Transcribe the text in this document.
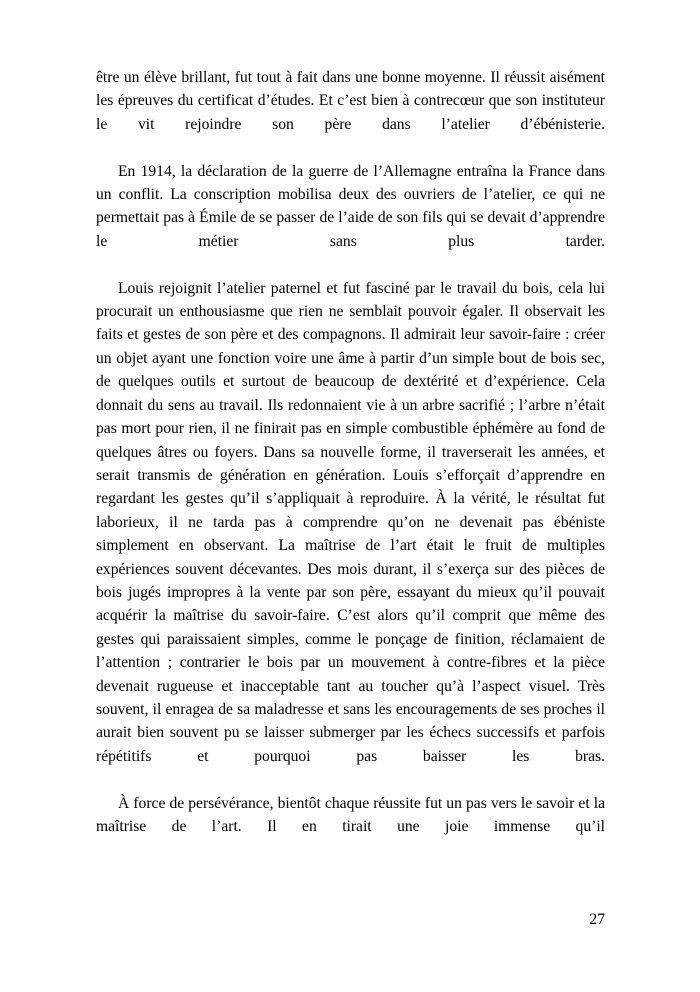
être un élève brillant, fut tout à fait dans une bonne moyenne. Il réussit aisément les épreuves du certificat d’études. Et c’est bien à contrecœur que son instituteur le vit rejoindre son père dans l’atelier d’ébénisterie.

En 1914, la déclaration de la guerre de l’Allemagne entraîna la France dans un conflit. La conscription mobilisa deux des ouvriers de l’atelier, ce qui ne permettait pas à Émile de se passer de l’aide de son fils qui se devait d’apprendre le métier sans plus tarder.

Louis rejoignit l’atelier paternel et fut fasciné par le travail du bois, cela lui procurait un enthousiasme que rien ne semblait pouvoir égaler. Il observait les faits et gestes de son père et des compagnons. Il admirait leur savoir-faire : créer un objet ayant une fonction voire une âme à partir d’un simple bout de bois sec, de quelques outils et surtout de beaucoup de dextérité et d’expérience. Cela donnait du sens au travail. Ils redonnaient vie à un arbre sacrifié ; l’arbre n’était pas mort pour rien, il ne finirait pas en simple combustible éphémère au fond de quelques âtres ou foyers. Dans sa nouvelle forme, il traverserait les années, et serait transmis de génération en génération. Louis s’efforçait d’apprendre en regardant les gestes qu’il s’appliquait à reproduire. À la vérité, le résultat fut laborieux, il ne tarda pas à comprendre qu’on ne devenait pas ébéniste simplement en observant. La maîtrise de l’art était le fruit de multiples expériences souvent décevantes. Des mois durant, il s’exerça sur des pièces de bois jugés impropres à la vente par son père, essayant du mieux qu’il pouvait acquérir la maîtrise du savoir-faire. C’est alors qu’il comprit que même des gestes qui paraissaient simples, comme le ponçage de finition, réclamaient de l’attention ; contrarier le bois par un mouvement à contre-fibres et la pièce devenait rugueuse et inacceptable tant au toucher qu’à l’aspect visuel. Très souvent, il enragea de sa maladresse et sans les encouragements de ses proches il aurait bien souvent pu se laisser submerger par les échecs successifs et parfois répétitifs et pourquoi pas baisser les bras.

À force de persévérance, bientôt chaque réussite fut un pas vers le savoir et la maîtrise de l’art. Il en tirait une joie immense qu’il

27
